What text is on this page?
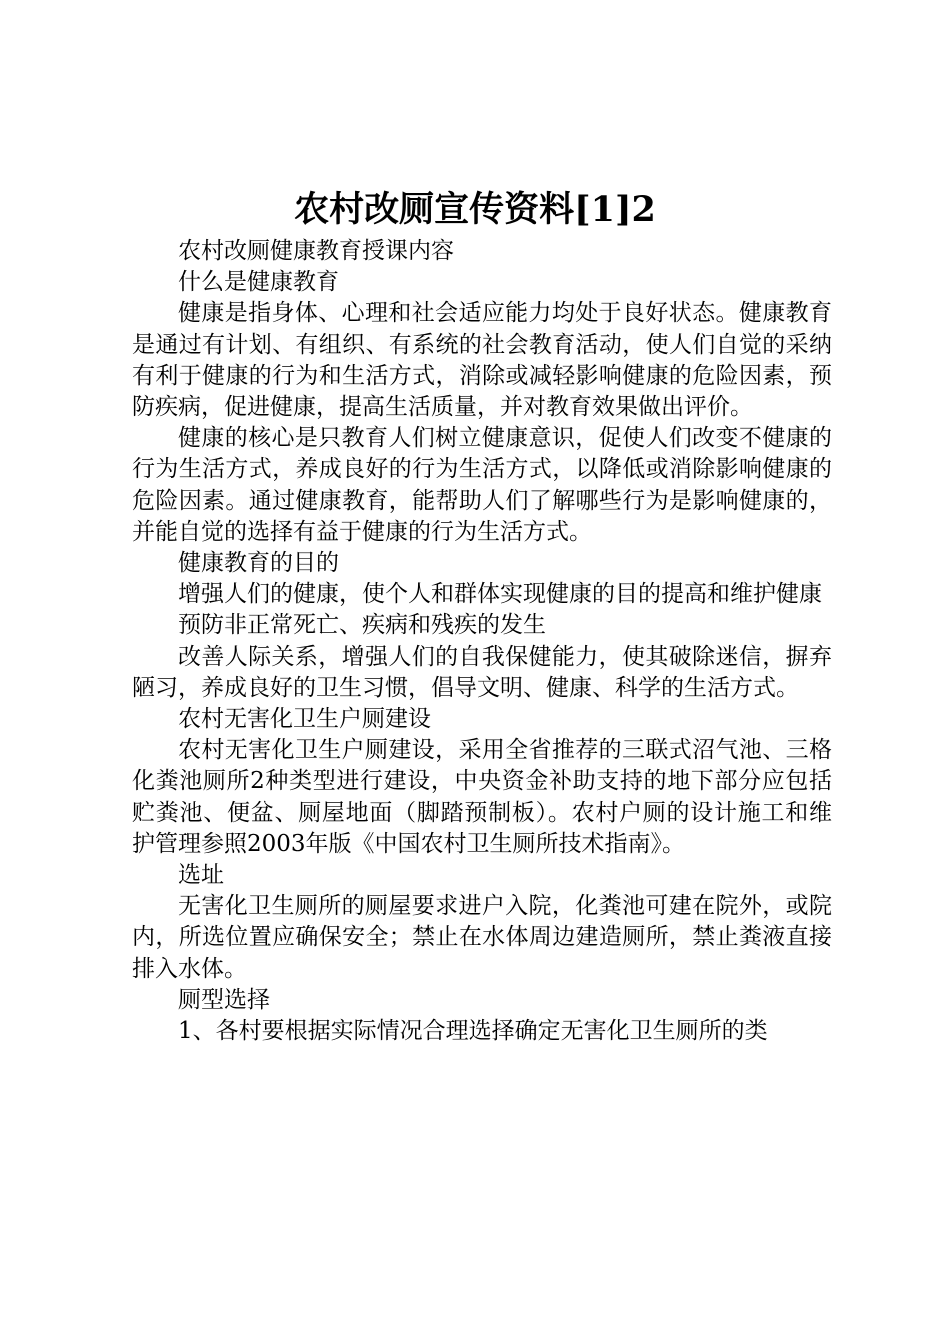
农村改厕宣传资料[1]2

农村改厕健康教育授课内容

什么是健康教育

健康是指身体、心理和社会适应能力均处于良好状态。健康教育是通过有计划、有组织、有系统的社会教育活动，使人们自觉的采纳有利于健康的行为和生活方式，消除或减轻影响健康的危险因素，预防疾病，促进健康，提高生活质量，并对教育效果做出评价。

健康的核心是只教育人们树立健康意识，促使人们改变不健康的行为生活方式，养成良好的行为生活方式，以降低或消除影响健康的危险因素。通过健康教育，能帮助人们了解哪些行为是影响健康的，并能自觉的选择有益于健康的行为生活方式。

健康教育的目的

增强人们的健康，使个人和群体实现健康的目的提高和维护健康

预防非正常死亡、疾病和残疾的发生

改善人际关系，增强人们的自我保健能力，使其破除迷信，摒弃陋习，养成良好的卫生习惯，倡导文明、健康、科学的生活方式。

农村无害化卫生户厕建设

农村无害化卫生户厕建设，采用全省推荐的三联式沼气池、三格化粪池厕所2种类型进行建设，中央资金补助支持的地下部分应包括贮粪池、便盆、厕屋地面（脚踏预制板）。农村户厕的设计施工和维护管理参照2003年版《中国农村卫生厕所技术指南》。

选址

无害化卫生厕所的厕屋要求进户入院，化粪池可建在院外，或院内，所选位置应确保安全；禁止在水体周边建造厕所，禁止粪液直接排入水体。

厕型选择

1、各村要根据实际情况合理选择确定无害化卫生厕所的类
